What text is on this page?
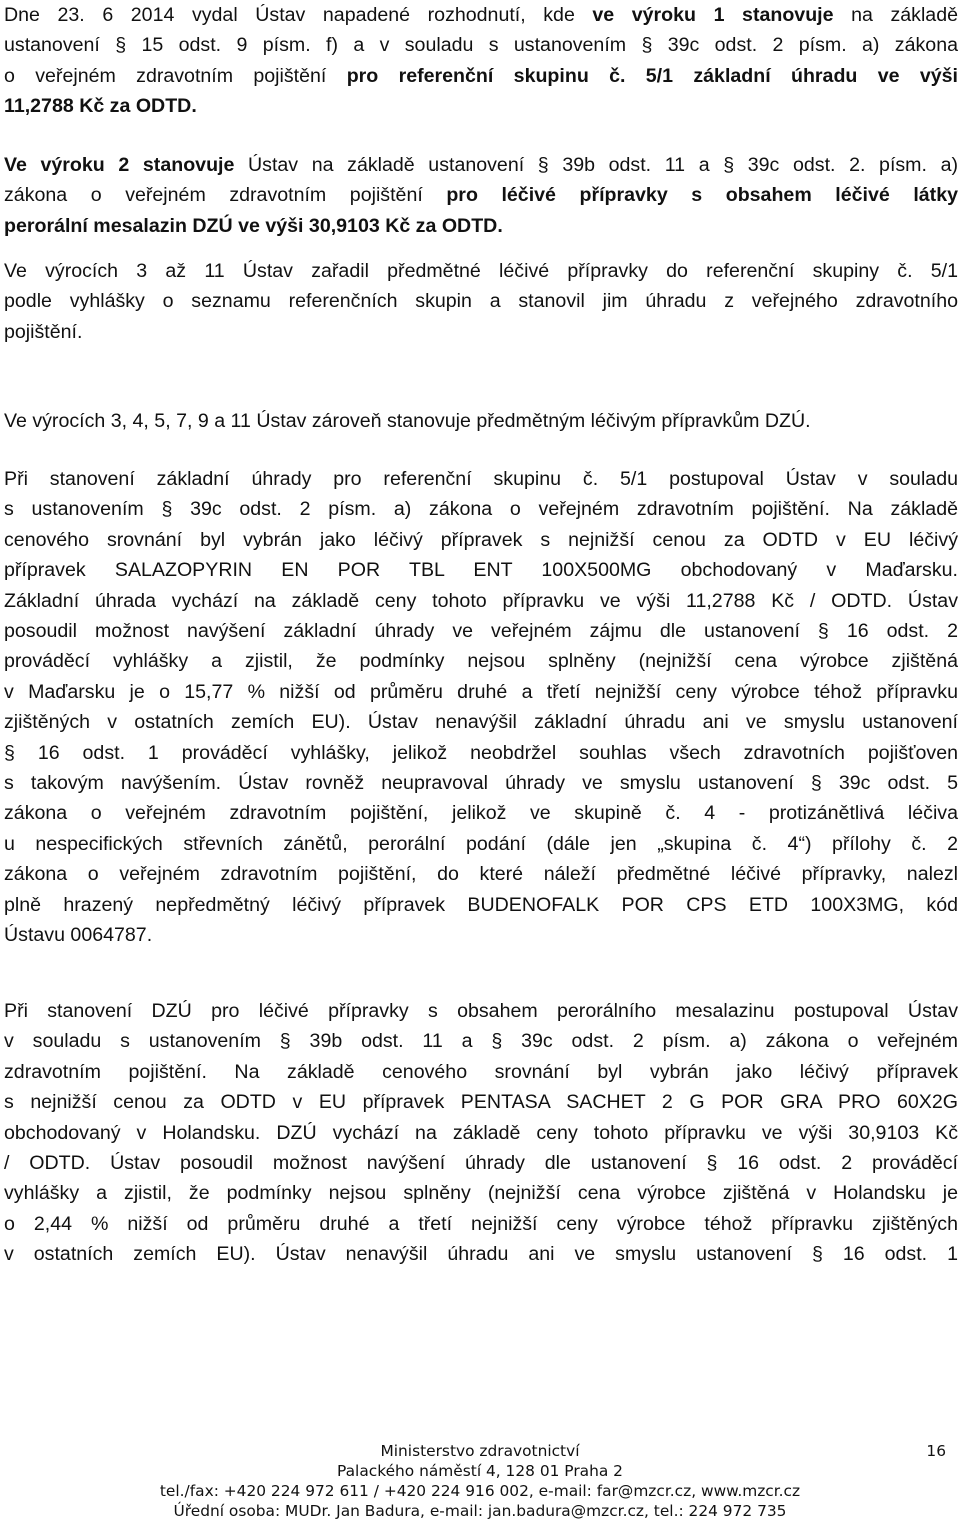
Dne 23. 6 2014 vydal Ústav napadené rozhodnutí, kde ve výroku 1 stanovuje na základě
ustanovení § 15 odst. 9 písm. f) a v souladu s ustanovením § 39c odst. 2 písm. a) zákona
o veřejném zdravotním pojištění pro referenční skupinu č. 5/1 základní úhradu ve výši
11,2788 Kč za ODTD.
Ve výroku 2 stanovuje Ústav na základě ustanovení § 39b odst. 11 a § 39c odst. 2. písm. a)
zákona o veřejném zdravotním pojištění pro léčivé přípravky s obsahem léčivé látky
perorální mesalazin DZÚ ve výši 30,9103 Kč za ODTD.
Ve výrocích 3 až 11 Ústav zařadil předmětné léčivé přípravky do referenční skupiny č. 5/1
podle vyhlášky o seznamu referenčních skupin a stanovil jim úhradu z veřejného zdravotního
pojištění.
Ve výrocích 3, 4, 5, 7, 9 a 11 Ústav zároveň stanovuje předmětným léčivým přípravkům DZÚ.
Při stanovení základní úhrady pro referenční skupinu č. 5/1 postupoval Ústav v souladu
s ustanovením § 39c odst. 2 písm. a) zákona o veřejném zdravotním pojištění. Na základě
cenového srovnání byl vybrán jako léčivý přípravek s nejnižší cenou za ODTD v EU léčivý
přípravek SALAZOPYRIN EN POR TBL ENT 100X500MG obchodovaný v Maďarsku.
Základní úhrada vychází na základě ceny tohoto přípravku ve výši 11,2788 Kč / ODTD. Ústav
posoudil možnost navýšení základní úhrady ve veřejném zájmu dle ustanovení § 16 odst. 2
prováděcí vyhlášky a zjistil, že podmínky nejsou splněny (nejnižší cena výrobce zjištěná
v Maďarsku je o 15,77 % nižší od průměru druhé a třetí nejnižší ceny výrobce téhož přípravku
zjištěných v ostatních zemích EU). Ústav nenavýšil základní úhradu ani ve smyslu ustanovení
§ 16 odst. 1 prováděcí vyhlášky, jelikož neobdržel souhlas všech zdravotních pojišťoven
s takovým navýšením. Ústav rovněž neupravoval úhrady ve smyslu ustanovení § 39c odst. 5
zákona o veřejném zdravotním pojištění, jelikož ve skupině č. 4 - protizánětlivá léčiva
u nespecifických střevních zánětů, perorální podání (dále jen „skupina č. 4“) přílohy č. 2
zákona o veřejném zdravotním pojištění, do které náleží předmětné léčivé přípravky, nalezl
plně hrazený nepředmětný léčivý přípravek BUDENOFALK POR CPS ETD 100X3MG, kód
Ústavu 0064787.
Při stanovení DZÚ pro léčivé přípravky s obsahem perorálního mesalazinu postupoval Ústav
v souladu s ustanovením § 39b odst. 11 a § 39c odst. 2 písm. a) zákona o veřejném
zdravotním pojištění. Na základě cenového srovnání byl vybrán jako léčivý přípravek
s nejnižší cenou za ODTD v EU přípravek PENTASA SACHET 2 G POR GRA PRO 60X2G
obchodovaný v Holandsku. DZÚ vychází na základě ceny tohoto přípravku ve výši 30,9103 Kč
/ ODTD. Ústav posoudil možnost navýšení úhrady dle ustanovení § 16 odst. 2 prováděcí
vyhlášky a zjistil, že podmínky nejsou splněny (nejnižší cena výrobce zjištěná v Holandsku je
o 2,44 % nižší od průměru druhé a třetí nejnižší ceny výrobce téhož přípravku zjištěných
v ostatních zemích EU). Ústav nenavýšil úhradu ani ve smyslu ustanovení § 16 odst. 1
Ministerstvo zdravotnictví
Palackého náměstí 4, 128 01 Praha 2
tel./fax: +420 224 972 611 / +420 224 916 002, e-mail: far@mzcr.cz, www.mzcr.cz
Úřední osoba: MUDr. Jan Badura, e-mail: jan.badura@mzcr.cz, tel.: 224 972 735
16
